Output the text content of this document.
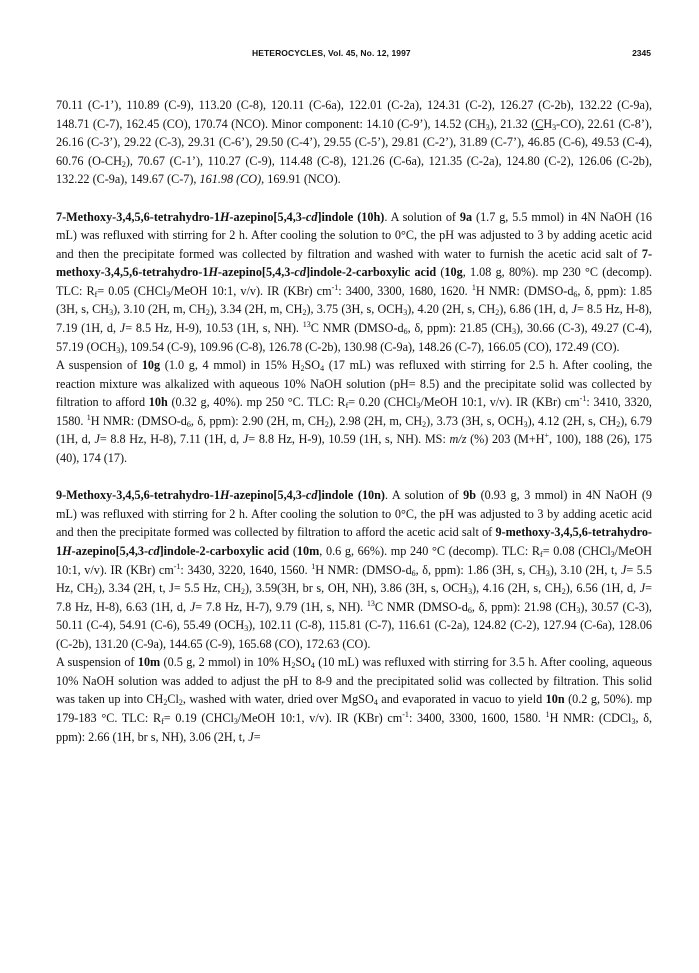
HETEROCYCLES, Vol. 45, No. 12, 1997	2345

70.11 (C-1’), 110.89 (C-9), 113.20 (C-8), 120.11 (C-6a), 122.01 (C-2a), 124.31 (C-2), 126.27 (C-2b), 132.22 (C-9a), 148.71 (C-7), 162.45 (CO), 170.74 (NCO). Minor component: 14.10 (C-9’), 14.52 $(CH_3)$, 21.32 $(CH_3-CO)$, 22.61 (C-8’), 26.16 (C-3’), 29.22 (C-3), 29.31 (C-6’), 29.50 (C-4’), 29.55 (C-5’), 29.81 (C-2’), 31.89 (C-7’), 46.85 (C-6), 49.53 (C-4), 60.76 $(O-CH_2)$, 70.67 (C-1’), 110.27 (C-9), 114.48 (C-8), 121.26 (C-6a), 121.35 (C-2a), 124.80 (C-2), 126.06 (C-2b), 132.22 (C-9a), 149.67 (C-7), 161.98 (CO), 169.91 (NCO).

7-Methoxy-3,4,5,6-tetrahydro-1H-azepino[5,4,3-cd]indole (10h). A solution of 9a (1.7 g, 5.5 mmol) in 4N NaOH (16 mL) was refluxed with stirring for 2 h. After cooling the solution to 0°C, the pH was adjusted to 3 by adding acetic acid and then the precipitate formed was collected by filtration and washed with water to furnish the acetic acid salt of 7-methoxy-3,4,5,6-tetrahydro-1H-azepino[5,4,3-cd]indole-2-carboxylic acid (10g, 1.08 g, 80%). mp 230 °C (decomp). TLC: $R_f= 0.05$ (CHCl$_3$/MeOH 10:1, v/v). IR (KBr) $cm^{-1}$: 3400, 3300, 1680, 1620. $^1$H NMR: ($DMSO-d_6$, δ, ppm): 1.85 (3H, s, $CH_3$), 3.10 (2H, m, $CH_2$), 3.34 (2H, m, $CH_2$), 3.75 (3H, s, $OCH_3$), 4.20 (2H, s, $CH_2$), 6.86 (1H, d, J= 8.5 Hz, H-8), 7.19 (1H, d, J= 8.5 Hz, H-9), 10.53 (1H, s, NH). $^{13}$C NMR ($DMSO-d_6$, δ, ppm): 21.85 $(CH_3)$, 30.66 (C-3), 49.27 (C-4), 57.19 $(OCH_3)$, 109.54 (C-9), 109.96 (C-8), 126.78 (C-2b), 130.98 (C-9a), 148.26 (C-7), 166.05 (CO), 172.49 (CO).

A suspension of 10g (1.0 g, 4 mmol) in 15% $H_2SO_4$ (17 mL) was refluxed with stirring for 2.5 h. After cooling, the reaction mixture was alkalized with aqueous 10% NaOH solution (pH= 8.5) and the precipitate solid was collected by filtration to afford 10h (0.32 g, 40%). mp 250 °C. TLC: $R_f= 0.20$ (CHCl$_3$/MeOH 10:1, v/v). IR (KBr) $cm^{-1}$: 3410, 3320, 1580. $^1$H NMR: ($DMSO-d_6$, δ, ppm): 2.90 (2H, m, $CH_2$), 2.98 (2H, m, $CH_2$), 3.73 (3H, s, $OCH_3$), 4.12 (2H, s, $CH_2$), 6.79 (1H, d, J= 8.8 Hz, H-8), 7.11 (1H, d, J= 8.8 Hz, H-9), 10.59 (1H, s, NH). MS: m/z (%) 203 (M+H+, 100), 188 (26), 175 (40), 174 (17).

9-Methoxy-3,4,5,6-tetrahydro-1H-azepino[5,4,3-cd]indole (10n). A solution of 9b (0.93 g, 3 mmol) in 4N NaOH (9 mL) was refluxed with stirring for 2 h. After cooling the solution to 0°C, the pH was adjusted to 3 by adding acetic acid and then the precipitate formed was collected by filtration to afford the acetic acid salt of 9-methoxy-3,4,5,6-tetrahydro-1H-azepino[5,4,3-cd]indole-2-carboxylic acid (10m, 0.6 g, 66%). mp 240 °C (decomp). TLC: $R_f= 0.08$ (CHCl$_3$/MeOH 10:1, v/v). IR (KBr) $cm^{-1}$: 3430, 3220, 1640, 1560. $^1$H NMR: ($DMSO-d_6$, δ, ppm): 1.86 (3H, s, $CH_3$), 3.10 (2H, t, J= 5.5 Hz, $CH_2$), 3.34 (2H, t, J= 5.5 Hz, $CH_2$), 3.59(3H, br s, OH, NH), 3.86 (3H, s, $OCH_3$), 4.16 (2H, s, $CH_2$), 6.56 (1H, d, J= 7.8 Hz, H-8), 6.63 (1H, d, J= 7.8 Hz, H-7), 9.79 (1H, s, NH). $^{13}$C NMR ($DMSO-d_6$, δ, ppm): 21.98 $(CH_3)$, 30.57 (C-3), 50.11 (C-4), 54.91 (C-6), 55.49 $(OCH_3)$, 102.11 (C-8), 115.81 (C-7), 116.61 (C-2a), 124.82 (C-2), 127.94 (C-6a), 128.06 (C-2b), 131.20 (C-9a), 144.65 (C-9), 165.68 (CO), 172.63 (CO).

A suspension of 10m (0.5 g, 2 mmol) in 10% $H_2SO_4$ (10 mL) was refluxed with stirring for 3.5 h. After cooling, aqueous 10% NaOH solution was added to adjust the pH to 8-9 and the precipitated solid was collected by filtration. This solid was taken up into $CH_2Cl_2$, washed with water, dried over MgSO$_4$ and evaporated in vacuo to yield 10n (0.2 g, 50%). mp 179-183 °C. TLC: $R_f= 0.19$ (CHCl$_3$/MeOH 10:1, v/v). IR (KBr) $cm^{-1}$: 3400, 3300, 1600, 1580. $^1$H NMR: (CDCl$_3$, δ, ppm): 2.66 (1H, br s, NH), 3.06 (2H, t, J=
